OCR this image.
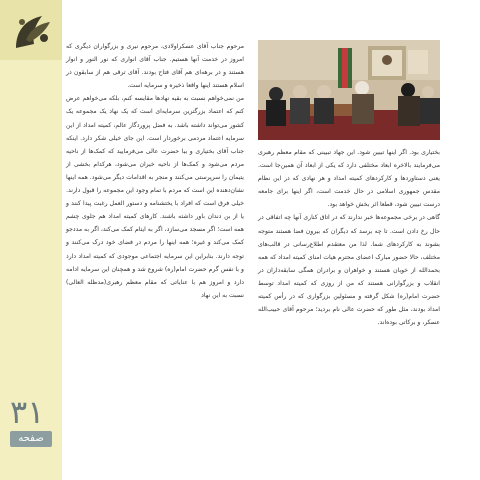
۳۱
صفحه

مرحوم جناب آقای عسکراولادی، مرحوم نیری و بزرگواران دیگری که امروز در خدمت آنها هستیم. جناب آقای انواری که نور النور و انوار هستند و در برهه‌ای هم آقای فتاح بودند. آقای ترقی هم از سابقون در اسلام هستند اینها واقعا ذخیره و سرمایه است.

من نمی‌خواهم نسبت به بقیه نهادها مقایسه کنم، بلکه می‌خواهم عرض کنم که اعتماد بزرگترین سرمایه‌ای است که یک نهاد یک مجموعه یک کشور می‌تواند داشته باشد. به فضل پروردگار عالم، کمیته امداد از این سرمایه اعتماد مردمی برخوردار است. این جای خیلی شکر دارد. اینکه جناب آقای بختیاری و بیا حضرت عالی می‌فرمایید که کمک‌ها از ناحیه مردم می‌شود و کمک‌ها از ناحیه خیران می‌شود، هرکدام بخشی از یتیمان را سرپرستی می‌کنند و منجر به اقدامات دیگر می‌شود. همه اینها نشان‌دهنده این است که مردم با تمام وجود این مجموعه را قبول دارند.

خیلی فرق است که افراد با یختشنامه و دستور العمل رغبت پیدا کنند و یا از بن دندان باور داشته باشند. کارهای کمیته امداد هم جلوی چشم همه است؛ اگر مسجد می‌سازد، اگر به ایتام کمک می‌کند، اگر به مددجو کمک می‌کند و غیره؛ همه اینها را مردم در فضای خود درک می‌کنند و توجه دارند. بنابراین این سرمایه اجتماعی موجودی که کمیته امداد دارد و با نفس گرم حضرت امام(ره) شروع شد و همچنان این سرمایه ادامه دارد و امروز هم با عنایاتی که مقام معظم رهبری(مدظله العالی) نسبت به این نهاد

بختیاری بود. اگر اینها تبیین شود. این جهاد تبیینی که مقام معظم رهبری می‌فرمایند بالاخره ابعاد مختلفی دارد که یکی از ابعاد آن همین‌جا است. یعنی دستاوردها و کارکردهای کمیته امداد و هر نهادی که در این نظام مقدس جمهوری اسلامی در حال خدمت است، اگر اینها برای جامعه درست تبیین شود، قطعا اثر بخش خواهد بود.

گاهی در برخی مجموعه‌ها خبر ندارند که در اتاق کناری آنها چه اتفاقی در حال رخ دادن است. تا چه برسد که دیگران که بیرون فضا هستند متوجه بشوند به کارکردهای شما. لذا من معتقدم اطلاع‌رسانی در قالب‌های مختلف، حالا حضور مبارک اعضای محترم هیات امنای کمیته امداد که همه بحمدالله از خوبان هستند و خواهران و برادران همگی سابقه‌داران در انقلاب و بزرگوارانی هستند که من از روزی که کمیته امداد توسط حضرت امام(ره) شکل گرفته و مسئولین بزرگواری که در رأس کمیته امداد بودند، مثل طور که حضرت عالی نام بردید؛ مرحوم آقای حبیب‌الله عسکر، و برکاتی بوده‌اند.
